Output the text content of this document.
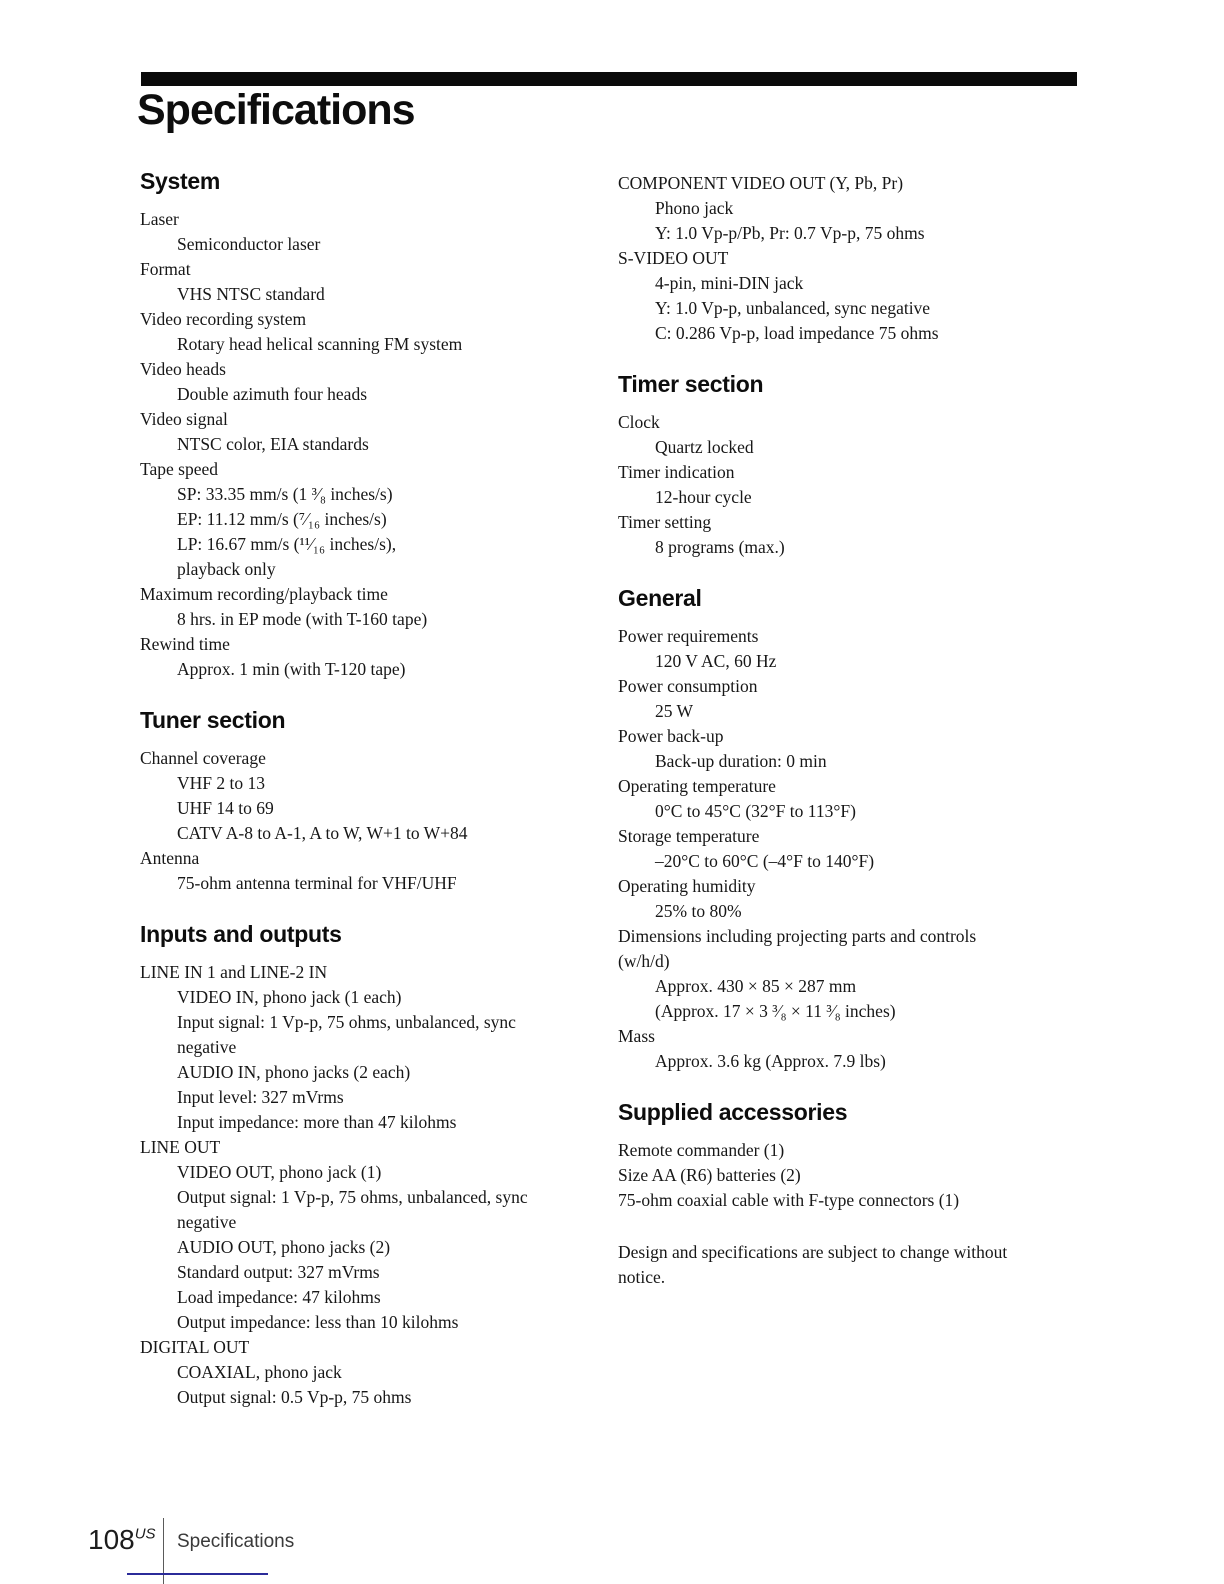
Specifications
System
Laser
Semiconductor laser
Format
VHS NTSC standard
Video recording system
Rotary head helical scanning FM system
Video heads
Double azimuth four heads
Video signal
NTSC color, EIA standards
Tape speed
SP: 33.35 mm/s (1 ³⁄₈ inches/s)
EP: 11.12 mm/s (⁷⁄₁₆ inches/s)
LP: 16.67 mm/s (¹¹⁄₁₆ inches/s),
playback only
Maximum recording/playback time
8 hrs. in EP mode (with T-160 tape)
Rewind time
Approx. 1 min (with T-120 tape)
Tuner section
Channel coverage
VHF 2 to 13
UHF 14 to 69
CATV A-8 to A-1, A to W, W+1 to W+84
Antenna
75-ohm antenna terminal for VHF/UHF
Inputs and outputs
LINE IN 1 and LINE-2 IN
VIDEO IN, phono jack (1 each)
Input signal: 1 Vp-p, 75 ohms, unbalanced, sync
negative
AUDIO IN, phono jacks (2 each)
Input level: 327 mVrms
Input impedance: more than 47 kilohms
LINE OUT
VIDEO OUT, phono jack (1)
Output signal: 1 Vp-p, 75 ohms, unbalanced, sync
negative
AUDIO OUT, phono jacks (2)
Standard output: 327 mVrms
Load impedance: 47 kilohms
Output impedance: less than 10 kilohms
DIGITAL OUT
COAXIAL, phono jack
Output signal: 0.5 Vp-p, 75 ohms
COMPONENT VIDEO OUT (Y, Pb, Pr)
Phono jack
Y: 1.0 Vp-p/Pb, Pr: 0.7 Vp-p, 75 ohms
S-VIDEO OUT
4-pin, mini-DIN jack
Y: 1.0 Vp-p, unbalanced, sync negative
C: 0.286 Vp-p, load impedance 75 ohms
Timer section
Clock
Quartz locked
Timer indication
12-hour cycle
Timer setting
8 programs (max.)
General
Power requirements
120 V AC, 60 Hz
Power consumption
25 W
Power back-up
Back-up duration: 0 min
Operating temperature
0°C to 45°C (32°F to 113°F)
Storage temperature
–20°C to 60°C (–4°F to 140°F)
Operating humidity
25% to 80%
Dimensions including projecting parts and controls
(w/h/d)
Approx. 430 × 85 × 287 mm
(Approx. 17 × 3 ³⁄₈ × 11 ³⁄₈ inches)
Mass
Approx. 3.6 kg (Approx. 7.9 lbs)
Supplied accessories
Remote commander (1)
Size AA (R6) batteries (2)
75-ohm coaxial cable with F-type connectors (1)
Design and specifications are subject to change without
notice.
$108^{US}$ Specifications
